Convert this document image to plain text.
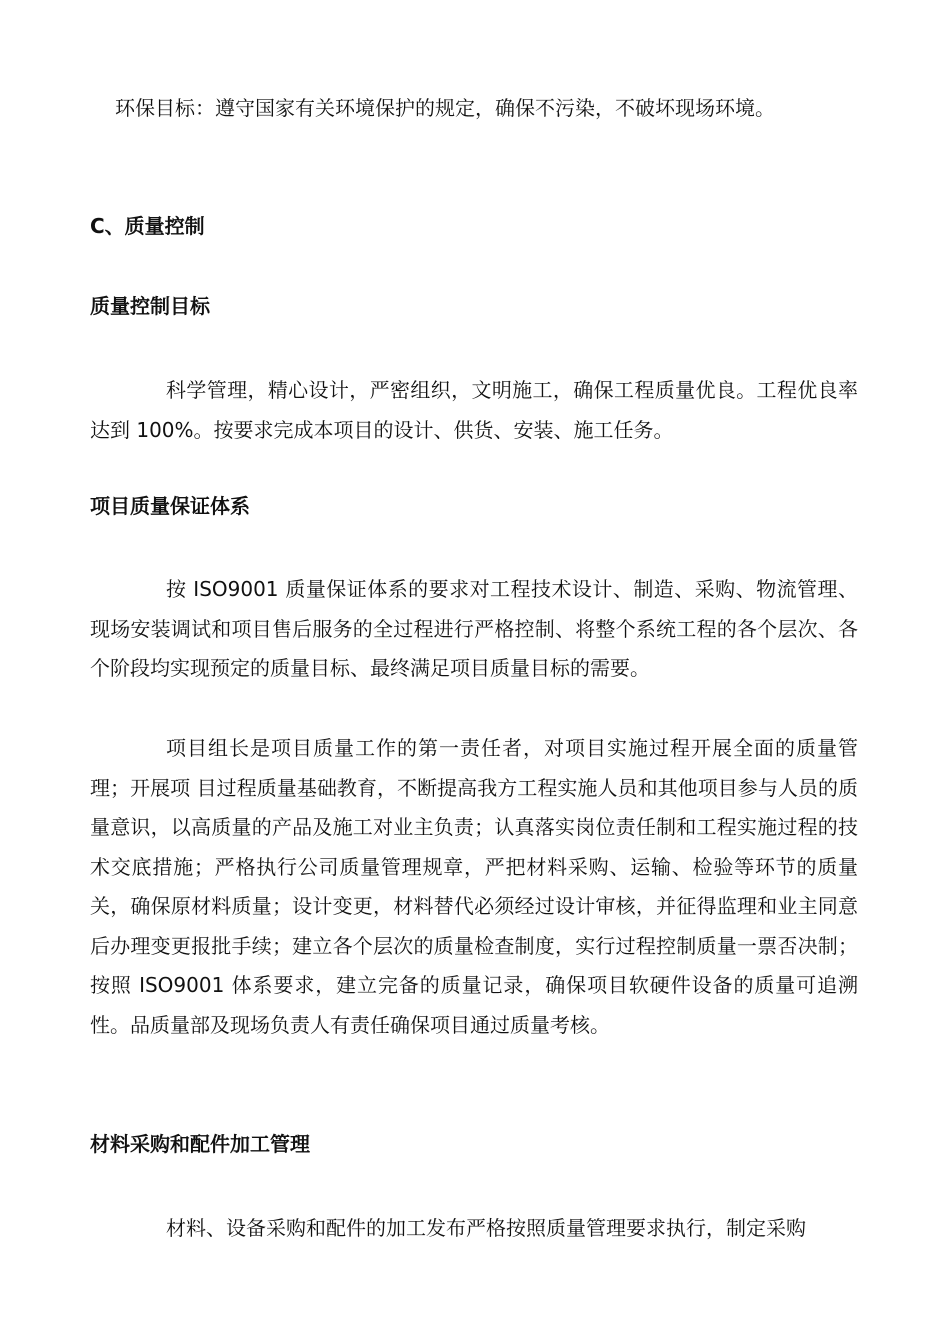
环保目标：遵守国家有关环境保护的规定，确保不污染，不破坏现场环境。
C、质量控制
质量控制目标

科学管理，精心设计，严密组织，文明施工，确保工程质量优良。工程优良率达到 100%。按要求完成本项目的设计、供货、安装、施工任务。

项目质量保证体系

按 ISO9001 质量保证体系的要求对工程技术设计、制造、采购、物流管理、现场安装调试和项目售后服务的全过程进行严格控制、将整个系统工程的各个层次、各个阶段均实现预定的质量目标、最终满足项目质量目标的需要。

项目组长是项目质量工作的第一责任者，对项目实施过程开展全面的质量管理；开展项 目过程质量基础教育，不断提高我方工程实施人员和其他项目参与人员的质量意识，以高质量的产品及施工对业主负责；认真落实岗位责任制和工程实施过程的技术交底措施；严格执行公司质量管理规章，严把材料采购、运输、检验等环节的质量关，确保原材料质量；设计变更，材料替代必须经过设计审核，并征得监理和业主同意后办理变更报批手续；建立各个层次的质量检查制度，实行过程控制质量一票否决制；按照 ISO9001 体系要求，建立完备的质量记录，确保项目软硬件设备的质量可追溯性。品质量部及现场负责人有责任确保项目通过质量考核。

材料采购和配件加工管理

材料、设备采购和配件的加工发布严格按照质量管理要求执行，制定采购
